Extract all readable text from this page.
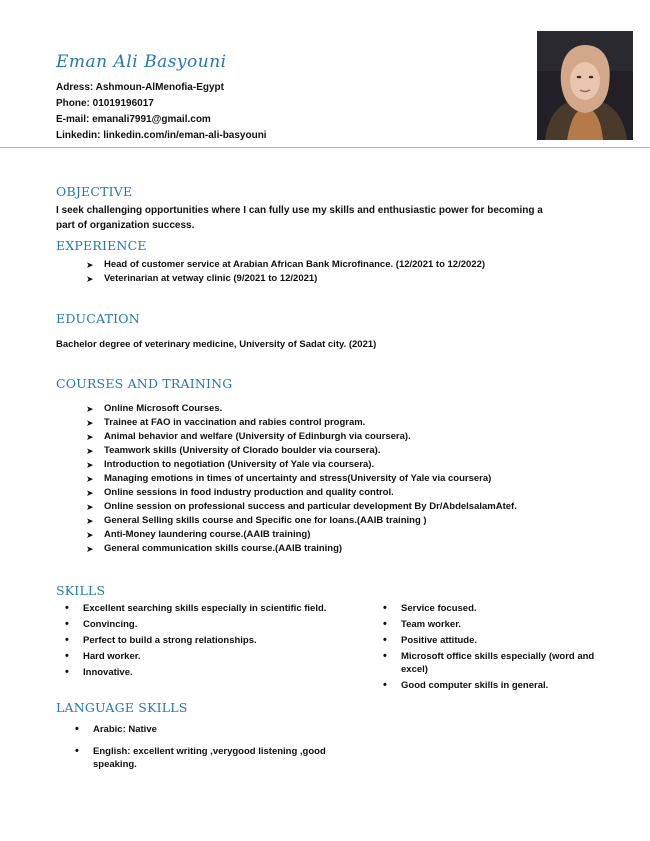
Eman Ali Basyouni
Adress: Ashmoun-AlMenofia-Egypt
Phone: 01019196017
E-mail: emanali7991@gmail.com
Linkedin: linkedin.com/in/eman-ali-basyouni
OBJECTIVE
I seek challenging opportunities where I can fully use my skills and enthusiastic power for becoming a part of organization success.
EXPERIENCE
➤ Head of customer service at Arabian African Bank Microfinance. (12/2021 to 12/2022)
➤ Veterinarian at vetway clinic (9/2021 to 12/2021)
EDUCATION
Bachelor degree of veterinary medicine, University of Sadat city. (2021)
COURSES AND TRAINING
➤ Online Microsoft Courses.
➤ Trainee at FAO in vaccination and rabies control program.
➤ Animal behavior and welfare (University of Edinburgh via coursera).
➤ Teamwork skills (University of Clorado boulder via coursera).
➤ Introduction to negotiation (University of Yale via coursera).
➤ Managing emotions in times of uncertainty and stress(University of Yale via coursera)
➤ Online sessions in food industry production and quality control.
➤ Online session on professional success and particular development By Dr/AbdelsalamAtef.
➤ General Selling skills course and Specific one for loans.(AAIB training )
➤ Anti-Money laundering course.(AAIB training)
➤ General communication skills course.(AAIB training)
SKILLS
• Excellent searching skills especially in scientific field.
• Convincing.
• Perfect to build a strong relationships.
• Hard worker.
• Innovative.
• Service focused.
• Team worker.
• Positive attitude.
• Microsoft office skills especially (word and excel)
• Good computer skills in general.
LANGUAGE SKILLS
• Arabic: Native
• English: excellent writing ,verygood listening ,good speaking.
